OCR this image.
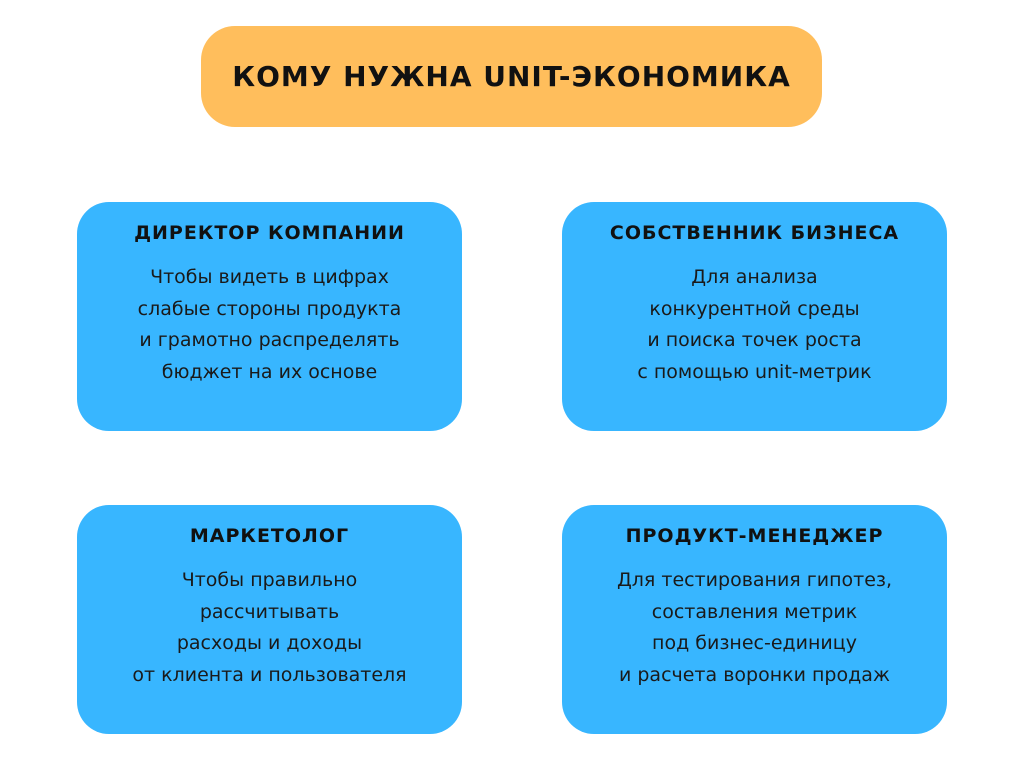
КОМУ НУЖНА UNIT-ЭКОНОМИКА
ДИРЕКТОР КОМПАНИИ
Чтобы видеть в цифрах
слабые стороны продукта
и грамотно распределять
бюджет на их основе
СОБСТВЕННИК БИЗНЕСА
Для анализа
конкурентной среды
и поиска точек роста
с помощью unit-метрик
МАРКЕТОЛОГ
Чтобы правильно
рассчитывать
расходы и доходы
от клиента и пользователя
ПРОДУКТ-МЕНЕДЖЕР
Для тестирования гипотез,
составления метрик
под бизнес-единицу
и расчета воронки продаж
